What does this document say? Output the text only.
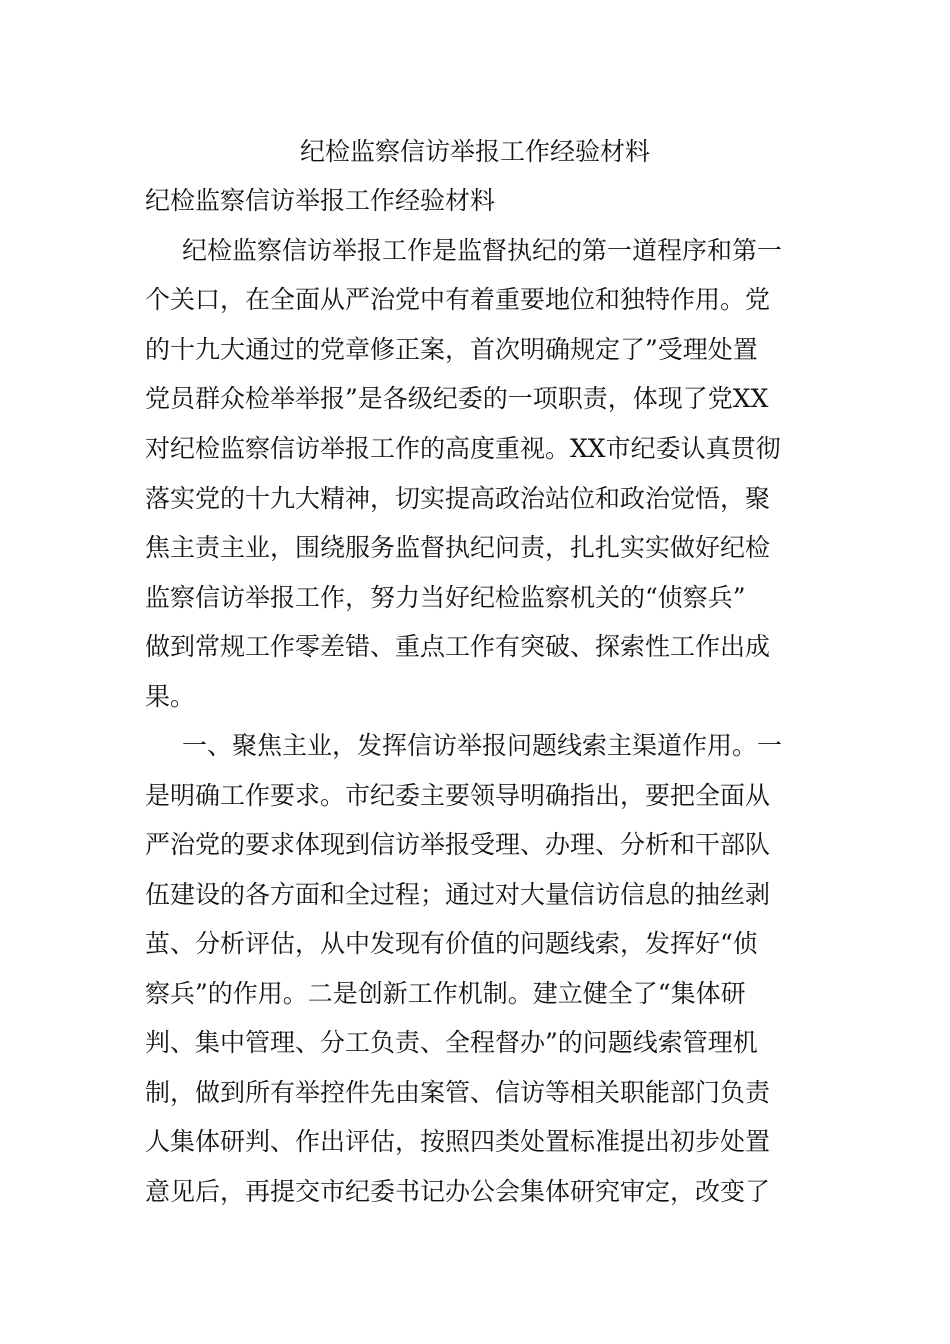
纪检监察信访举报工作经验材料
纪检监察信访举报工作经验材料
纪检监察信访举报工作是监督执纪的第一道程序和第一
个关口，在全面从严治党中有着重要地位和独特作用。党
的十九大通过的党章修正案，首次明确规定了”受理处置
党员群众检举举报”是各级纪委的一项职责，体现了党XX
对纪检监察信访举报工作的高度重视。XX市纪委认真贯彻
落实党的十九大精神，切实提高政治站位和政治觉悟，聚
焦主责主业，围绕服务监督执纪问责，扎扎实实做好纪检
监察信访举报工作，努力当好纪检监察机关的“侦察兵”
做到常规工作零差错、重点工作有突破、探索性工作出成
果。
一、聚焦主业，发挥信访举报问题线索主渠道作用。一
是明确工作要求。市纪委主要领导明确指出，要把全面从
严治党的要求体现到信访举报受理、办理、分析和干部队
伍建设的各方面和全过程；通过对大量信访信息的抽丝剥
茧、分析评估，从中发现有价值的问题线索，发挥好“侦
察兵”的作用。二是创新工作机制。建立健全了“集体研
判、集中管理、分工负责、全程督办”的问题线索管理机
制，做到所有举控件先由案管、信访等相关职能部门负责
人集体研判、作出评估，按照四类处置标准提出初步处置
意见后，再提交市纪委书记办公会集体研究审定，改变了
